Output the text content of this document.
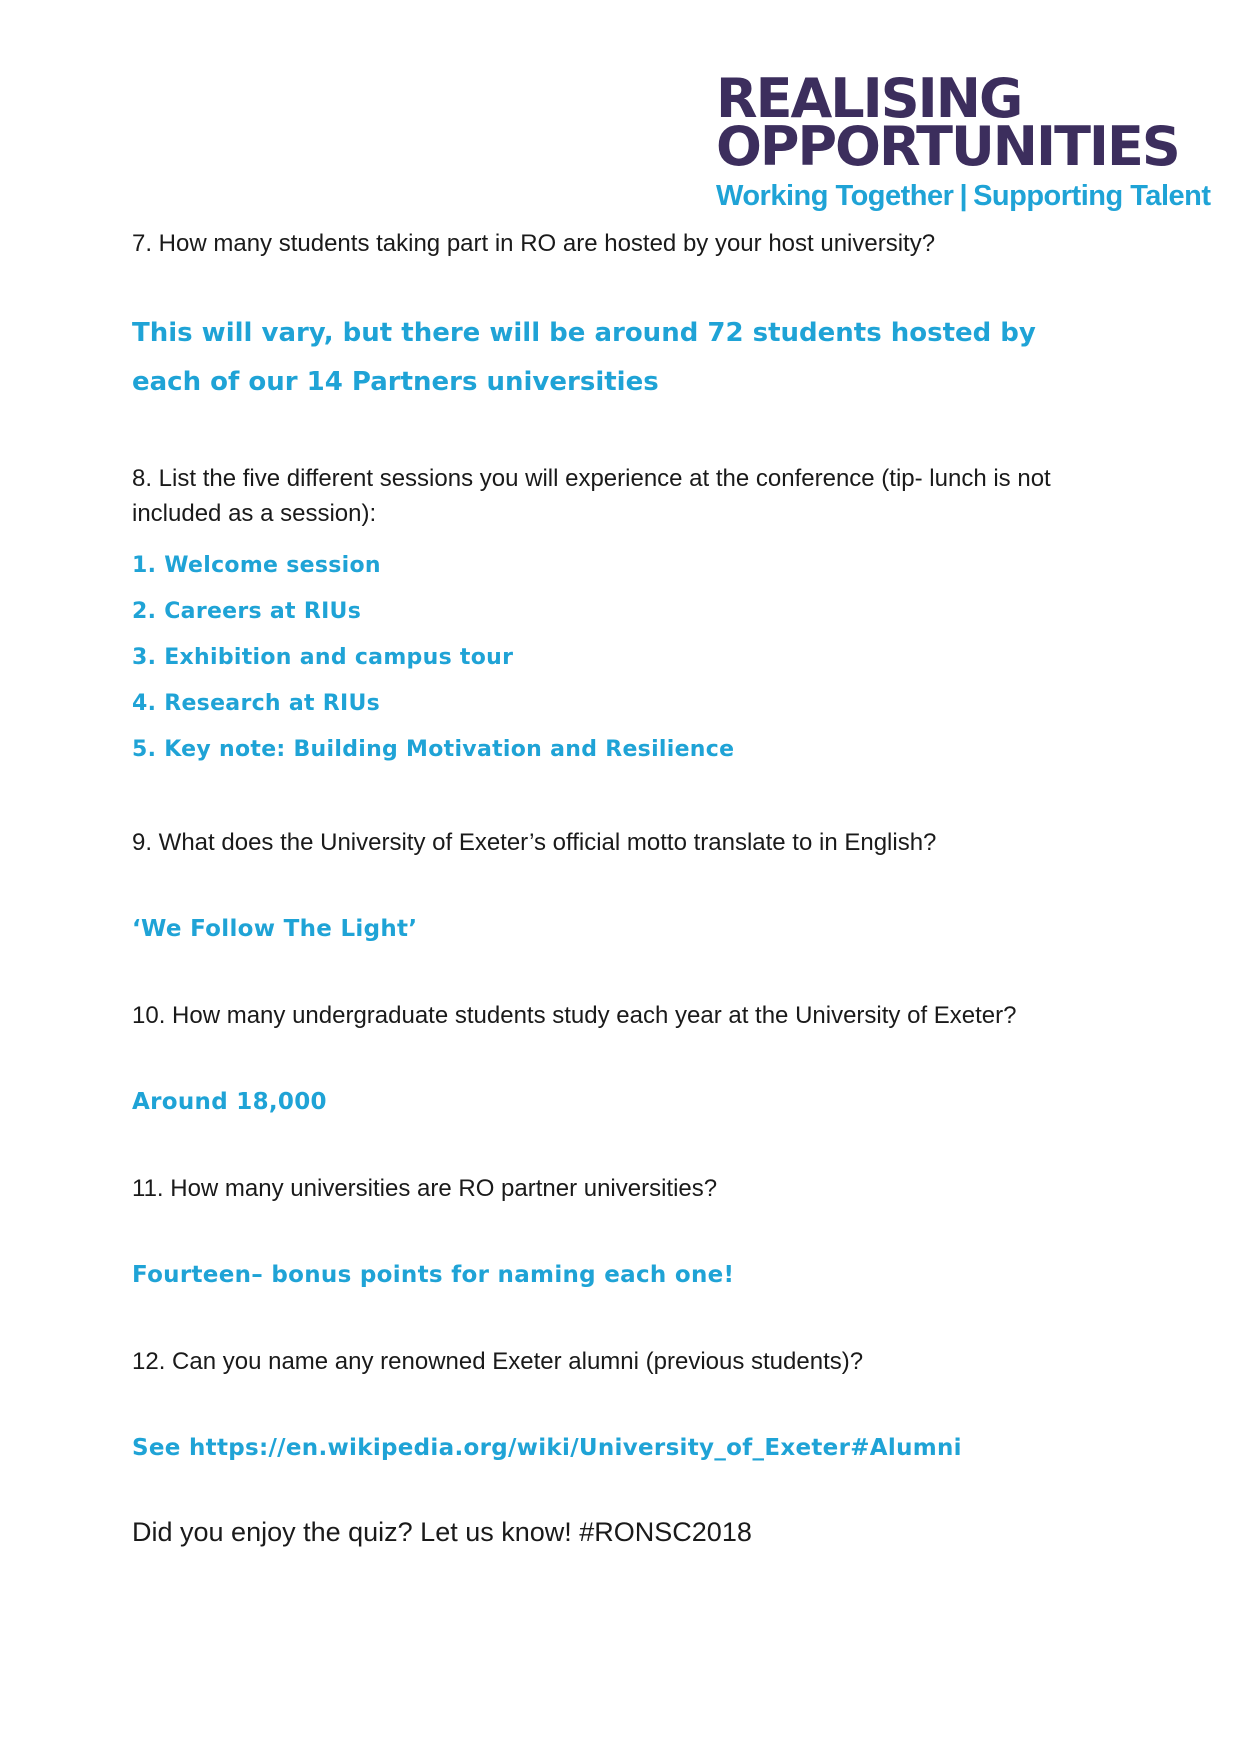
REALISING
OPPORTUNITIES
Working Together | Supporting Talent

7. How many students taking part in RO are hosted by your host university?

This will vary, but there will be around 72 students hosted by each of our 14 Partners universities

8. List the five different sessions you will experience at the conference (tip- lunch is not included as a session):

1. Welcome session
2. Careers at RIUs
3. Exhibition and campus tour
4. Research at RIUs
5. Key note: Building Motivation and Resilience

9. What does the University of Exeter’s official motto translate to in English?

‘We Follow The Light’

10. How many undergraduate students study each year at the University of Exeter?

Around 18,000

11. How many universities are RO partner universities?

Fourteen– bonus points for naming each one!

12. Can you name any renowned Exeter alumni (previous students)?

See https://en.wikipedia.org/wiki/University_of_Exeter#Alumni

Did you enjoy the quiz? Let us know! #RONSC2018
